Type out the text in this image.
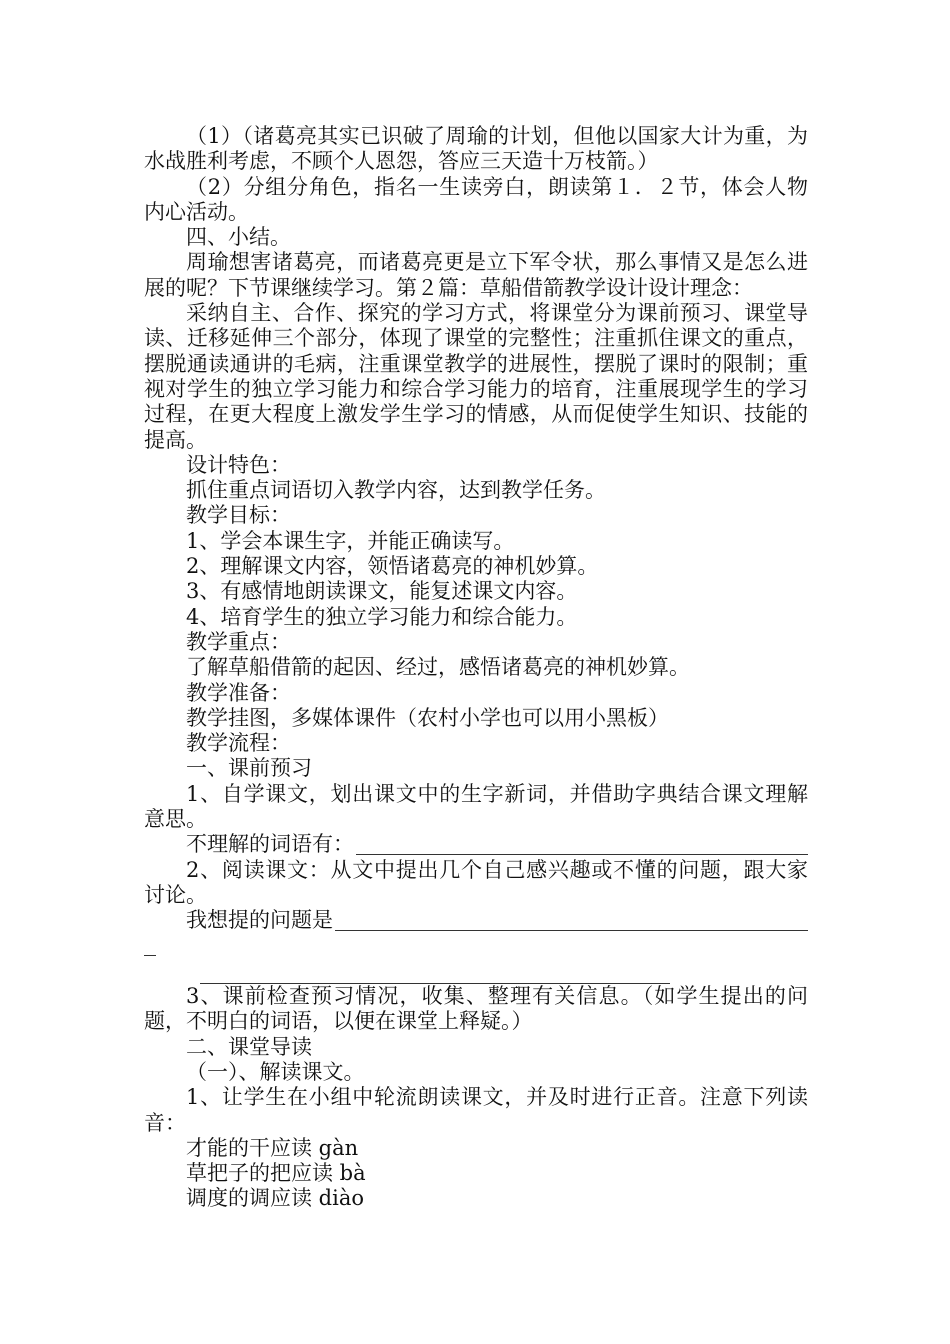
（1）（诸葛亮其实已识破了周瑜的计划，但他以国家大计为重，为水战胜利考虑，不顾个人恩怨，答应三天造十万枝箭。）

（2）分组分角色，指名一生读旁白，朗读第１．２节，体会人物内心活动。

四、小结。

周瑜想害诸葛亮，而诸葛亮更是立下军令状，那么事情又是怎么进展的呢？下节课继续学习。第２篇：草船借箭教学设计设计理念：

采纳自主、合作、探究的学习方式，将课堂分为课前预习、课堂导读、迁移延伸三个部分，体现了课堂的完整性；注重抓住课文的重点，摆脱通读通讲的毛病，注重课堂教学的进展性，摆脱了课时的限制；重视对学生的独立学习能力和综合学习能力的培育，注重展现学生的学习过程，在更大程度上激发学生学习的情感，从而促使学生知识、技能的提高。

设计特色：

抓住重点词语切入教学内容，达到教学任务。

教学目标：

1、学会本课生字，并能正确读写。

2、理解课文内容，领悟诸葛亮的神机妙算。

3、有感情地朗读课文，能复述课文内容。

4、培育学生的独立学习能力和综合能力。

教学重点：

了解草船借箭的起因、经过，感悟诸葛亮的神机妙算。

教学准备：

教学挂图，多媒体课件（农村小学也可以用小黑板）

教学流程：

一、课前预习

1、自学课文，划出课文中的生字新词，并借助字典结合课文理解意思。

不理解的词语有：

2、阅读课文：从文中提出几个自己感兴趣或不懂的问题，跟大家讨论。

我想提的问题是

3、课前检查预习情况，收集、整理有关信息。（如学生提出的问题，不明白的词语，以便在课堂上释疑。）

二、课堂导读

（一）、解读课文。

1、让学生在小组中轮流朗读课文，并及时进行正音。注意下列读音：

才能的干应读 gàn

草把子的把应读 bà

调度的调应读 diào
